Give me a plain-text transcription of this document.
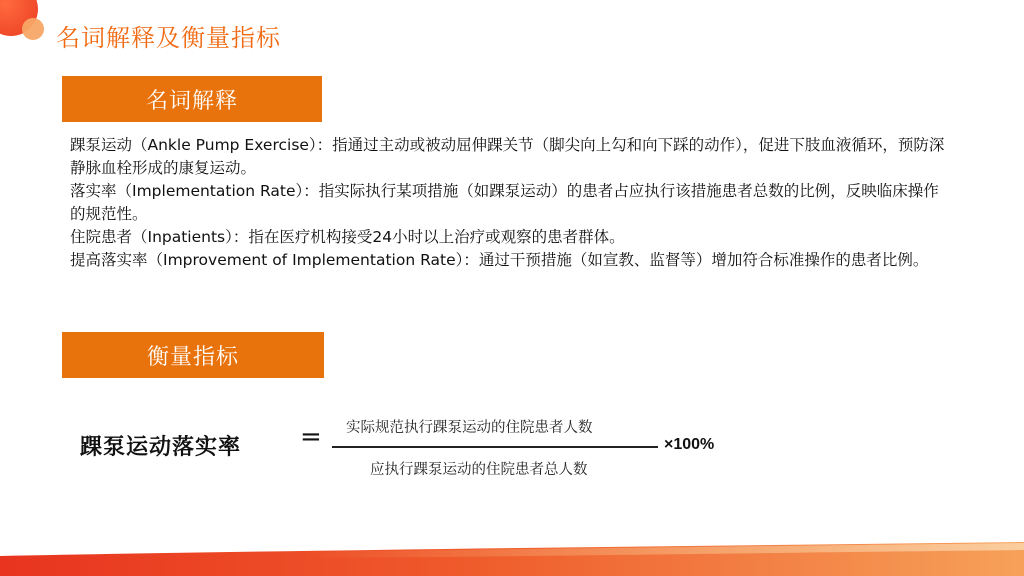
名词解释及衡量指标
名词解释

踝泵运动（Ankle Pump Exercise）：指通过主动或被动屈伸踝关节（脚尖向上勾和向下踩的动作），促进下肢血液循环，预防深静脉血栓形成的康复运动。

落实率（Implementation Rate）：指实际执行某项措施（如踝泵运动）的患者占应执行该措施患者总数的比例，反映临床操作的规范性。

住院患者（Inpatients）：指在医疗机构接受24小时以上治疗或观察的患者群体。

提高落实率（Improvement of Implementation Rate）：通过干预措施（如宣教、监督等）增加符合标准操作的患者比例。

衡量指标
踝泵运动落实率 = 实际规范执行踝泵运动的住院患者人数
应执行踝泵运动的住院患者总人数
×100%
